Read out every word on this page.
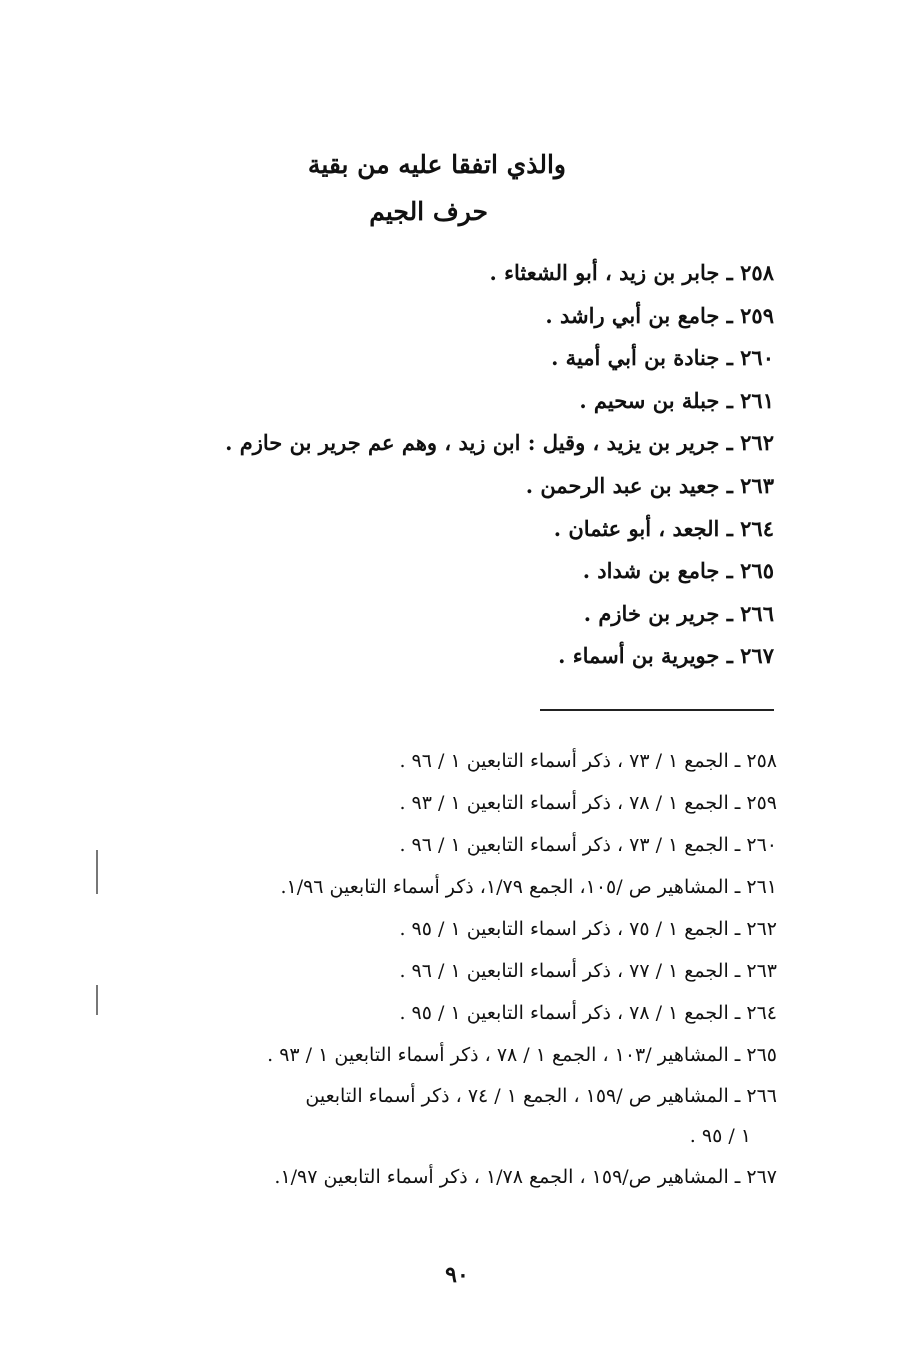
والذي اتفقا عليه من بقية
حرف الجيم
٢٥٨ ـ جابر بن زيد ، أبو الشعثاء .
٢٥٩ ـ جامع بن أبي راشد .
٢٦٠ ـ جنادة بن أبي أمية .
٢٦١ ـ جبلة بن سحيم .
٢٦٢ ـ جرير بن يزيد ، وقيل : ابن زيد ، وهم عم جرير بن حازم .
٢٦٣ ـ جعيد بن عبد الرحمن .
٢٦٤ ـ الجعد ، أبو عثمان .
٢٦٥ ـ جامع بن شداد .
٢٦٦ ـ جرير بن خازم .
٢٦٧ ـ جويرية بن أسماء .
٢٥٨ ـ الجمع ١ / ٧٣ ، ذكر أسماء التابعين ١ / ٩٦ .
٢٥٩ ـ الجمع ١ / ٧٨ ، ذكر أسماء التابعين ١ / ٩٣ .
٢٦٠ ـ الجمع ١ / ٧٣ ، ذكر أسماء التابعين ١ / ٩٦ .
٢٦١ ـ المشاهير ص /١٠٥، الجمع ١/٧٩، ذكر أسماء التابعين ١/٩٦.
٢٦٢ ـ الجمع ١ / ٧٥ ، ذكر اسماء التابعين ١ / ٩٥ .
٢٦٣ ـ الجمع ١ / ٧٧ ، ذكر أسماء التابعين ١ / ٩٦ .
٢٦٤ ـ الجمع ١ / ٧٨ ، ذكر أسماء التابعين ١ / ٩٥ .
٢٦٥ ـ المشاهير /١٠٣ ، الجمع ١ / ٧٨ ، ذكر أسماء التابعين ١ / ٩٣ .
٢٦٦ ـ المشاهير ص /١٥٩ ، الجمع ١ / ٧٤ ، ذكر أسماء التابعين
١ / ٩٥ .
٢٦٧ ـ المشاهير ص/١٥٩ ، الجمع ١/٧٨ ، ذكر أسماء التابعين ١/٩٧.
٩٠
